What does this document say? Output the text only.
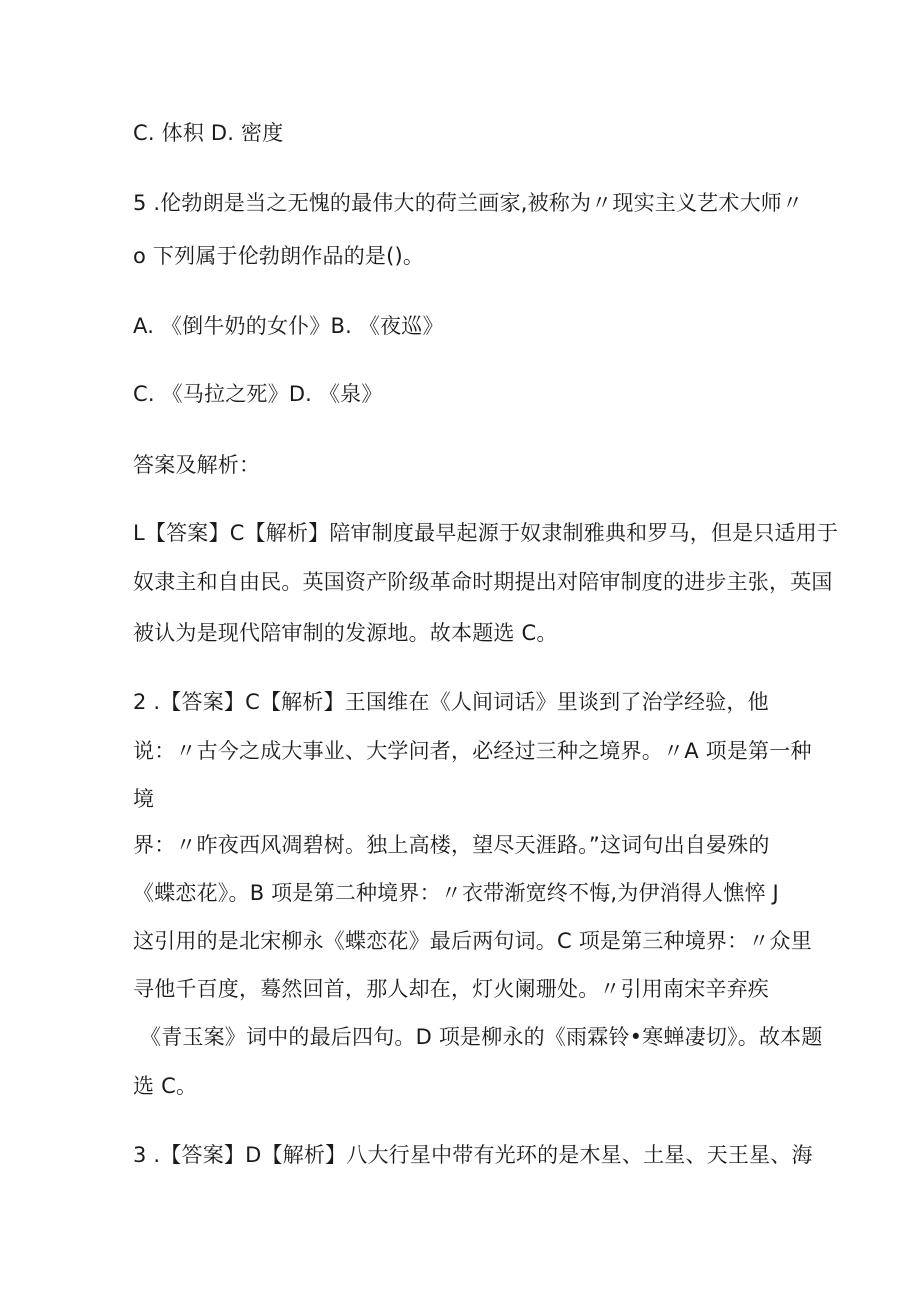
C. 体积 D. 密度
5 .伦勃朗是当之无愧的最伟大的荷兰画家,被称为〃现实主义艺术大师〃
o 下列属于伦勃朗作品的是()。
A. 《倒牛奶的女仆》B. 《夜巡》
C. 《马拉之死》D. 《泉》
答案及解析：
L【答案】C【解析】陪审制度最早起源于奴隶制雅典和罗马，但是只适用于
奴隶主和自由民。英国资产阶级革命时期提出对陪审制度的进步主张，英国
被认为是现代陪审制的发源地。故本题选 C。
2 .【答案】C【解析】王国维在《人间词话》里谈到了治学经验，他
说：〃古今之成大事业、大学问者，必经过三种之境界。〃A 项是第一种
境
界：〃昨夜西风凋碧树。独上高楼，望尽天涯路。”这词句出自晏殊的
《蝶恋花》。B 项是第二种境界：〃衣带渐宽终不悔,为伊消得人憔悴 J
这引用的是北宋柳永《蝶恋花》最后两句词。C 项是第三种境界：〃众里
寻他千百度，蓦然回首，那人却在，灯火阑珊处。〃引用南宋辛弃疾
《青玉案》词中的最后四句。D 项是柳永的《雨霖铃•寒蝉凄切》。故本题
选 C。
3 .【答案】D【解析】八大行星中带有光环的是木星、土星、天王星、海
